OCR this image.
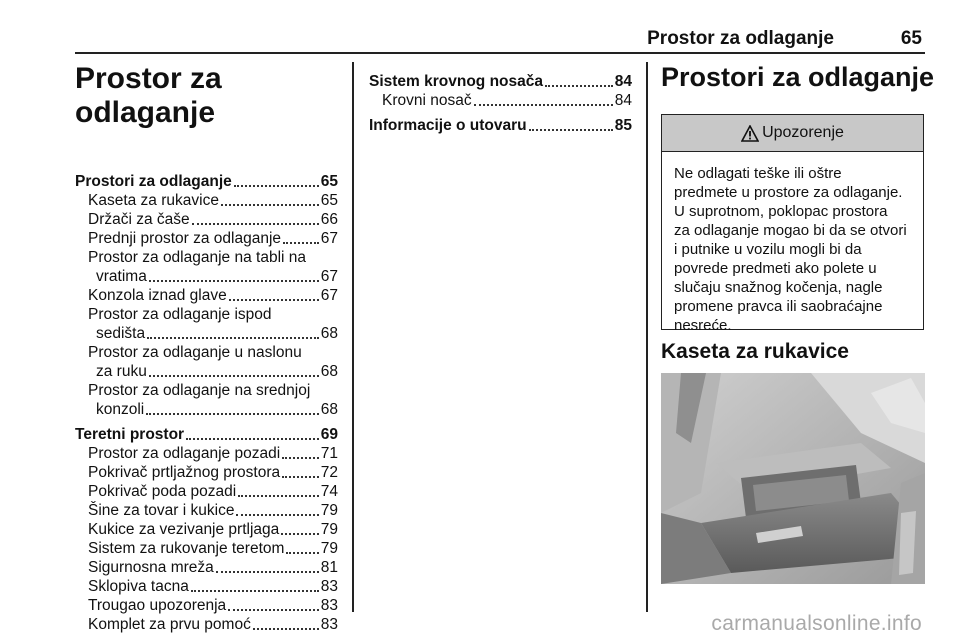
Prostor za odlaganje	65
Prostor za
odlaganje
Prostori za odlaganje	65
Kaseta za rukavice	65
Držači za čaše	66
Prednji prostor za odlaganje	67
Prostor za odlaganje na tabli na
vratima	67
Konzola iznad glave	67
Prostor za odlaganje ispod
sedišta	68
Prostor za odlaganje u naslonu
za ruku	68
Prostor za odlaganje na srednjoj
konzoli	68
Teretni prostor	69
Prostor za odlaganje pozadi	71
Pokrivač prtljažnog prostora	72
Pokrivač poda pozadi	74
Šine za tovar i kukice	79
Kukice za vezivanje prtljaga	79
Sistem za rukovanje teretom 79
Sigurnosna mreža	81
Sklopiva tacna	83
Trougao upozorenja	83
Komplet za prvu pomoć	83
Sistem krovnog nosača	84
Krovni nosač	84
Informacije o utovaru	85
Prostori za odlaganje
Upozorenje
Ne odlagati teške ili oštre
predmete u prostore za odlaganje.
U suprotnom, poklopac prostora
za odlaganje mogao bi da se otvori
i putnike u vozilu mogli bi da
povrede predmeti ako polete u
slučaju snažnog kočenja, nagle
promene pravca ili saobraćajne
nesreće.
Kaseta za rukavice
carmanualsonline.info
